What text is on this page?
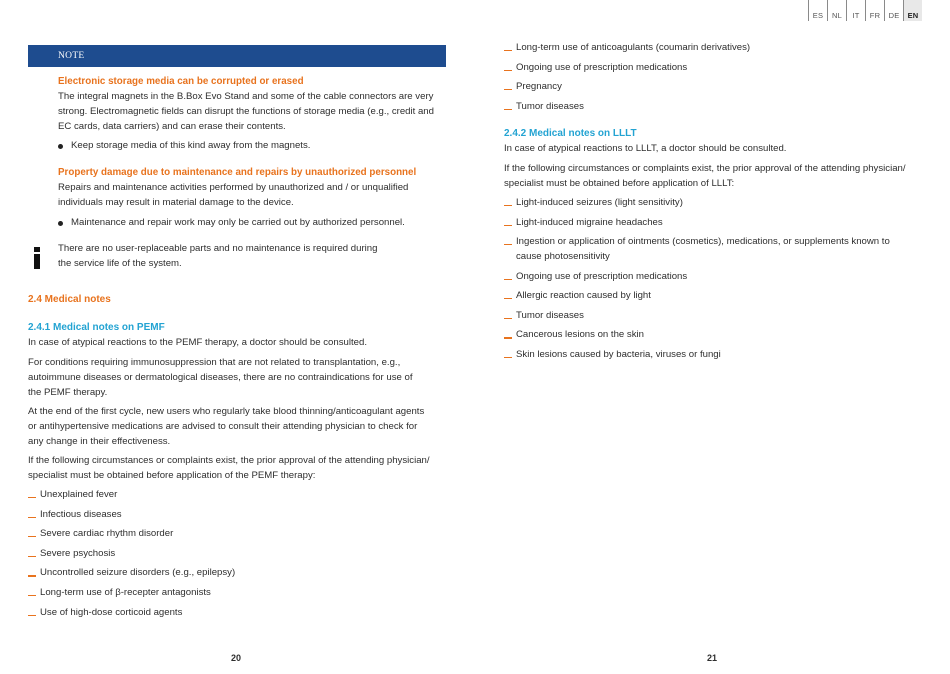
NOTE
Electronic storage media can be corrupted or erased
The integral magnets in the B.Box Evo Stand and some of the cable connectors are very
strong. Electromagnetic fields can disrupt the functions of storage media (e.g., credit and
EC cards, data carriers) and can erase their contents.
Keep storage media of this kind away from the magnets.
Property damage due to maintenance and repairs by unauthorized personnel
Repairs and maintenance activities performed by unauthorized and / or unqualified
individuals may result in material damage to the device.
Maintenance and repair work may only be carried out by authorized personnel.
There are no user-replaceable parts and no maintenance is required during
the service life of the system.
2.4 Medical notes
2.4.1 Medical notes on PEMF
In case of atypical reactions to the PEMF therapy, a doctor should be consulted.
For conditions requiring immunosuppression that are not related to transplantation, e.g.,
autoimmune diseases or dermatological diseases, there are no contraindications for use of
the PEMF therapy.
At the end of the first cycle, new users who regularly take blood thinning/anticoagulant agents
or antihypertensive medications are advised to consult their attending physician to check for
any change in their effectiveness.
If the following circumstances or complaints exist, the prior approval of the attending physician/
specialist must be obtained before application of the PEMF therapy:
Unexplained fever
Infectious diseases
Severe cardiac rhythm disorder
Severe psychosis
Uncontrolled seizure disorders (e.g., epilepsy)
Long-term use of β-recepter antagonists
Use of high-dose corticoid agents
20
Long-term use of anticoagulants (coumarin derivatives)
Ongoing use of prescription medications
Pregnancy
Tumor diseases
2.4.2 Medical notes on LLLT
In case of atypical reactions to LLLT, a doctor should be consulted.
If the following circumstances or complaints exist, the prior approval of the attending physician/
specialist must be obtained before application of LLLT:
Light-induced seizures (light sensitivity)
Light-induced migraine headaches
Ingestion or application of ointments (cosmetics), medications, or supplements known to
cause photosensitivity
Ongoing use of prescription medications
Allergic reaction caused by light
Tumor diseases
Cancerous lesions on the skin
Skin lesions caused by bacteria, viruses or fungi
21
ES	NL	IT	FR	DE	EN
